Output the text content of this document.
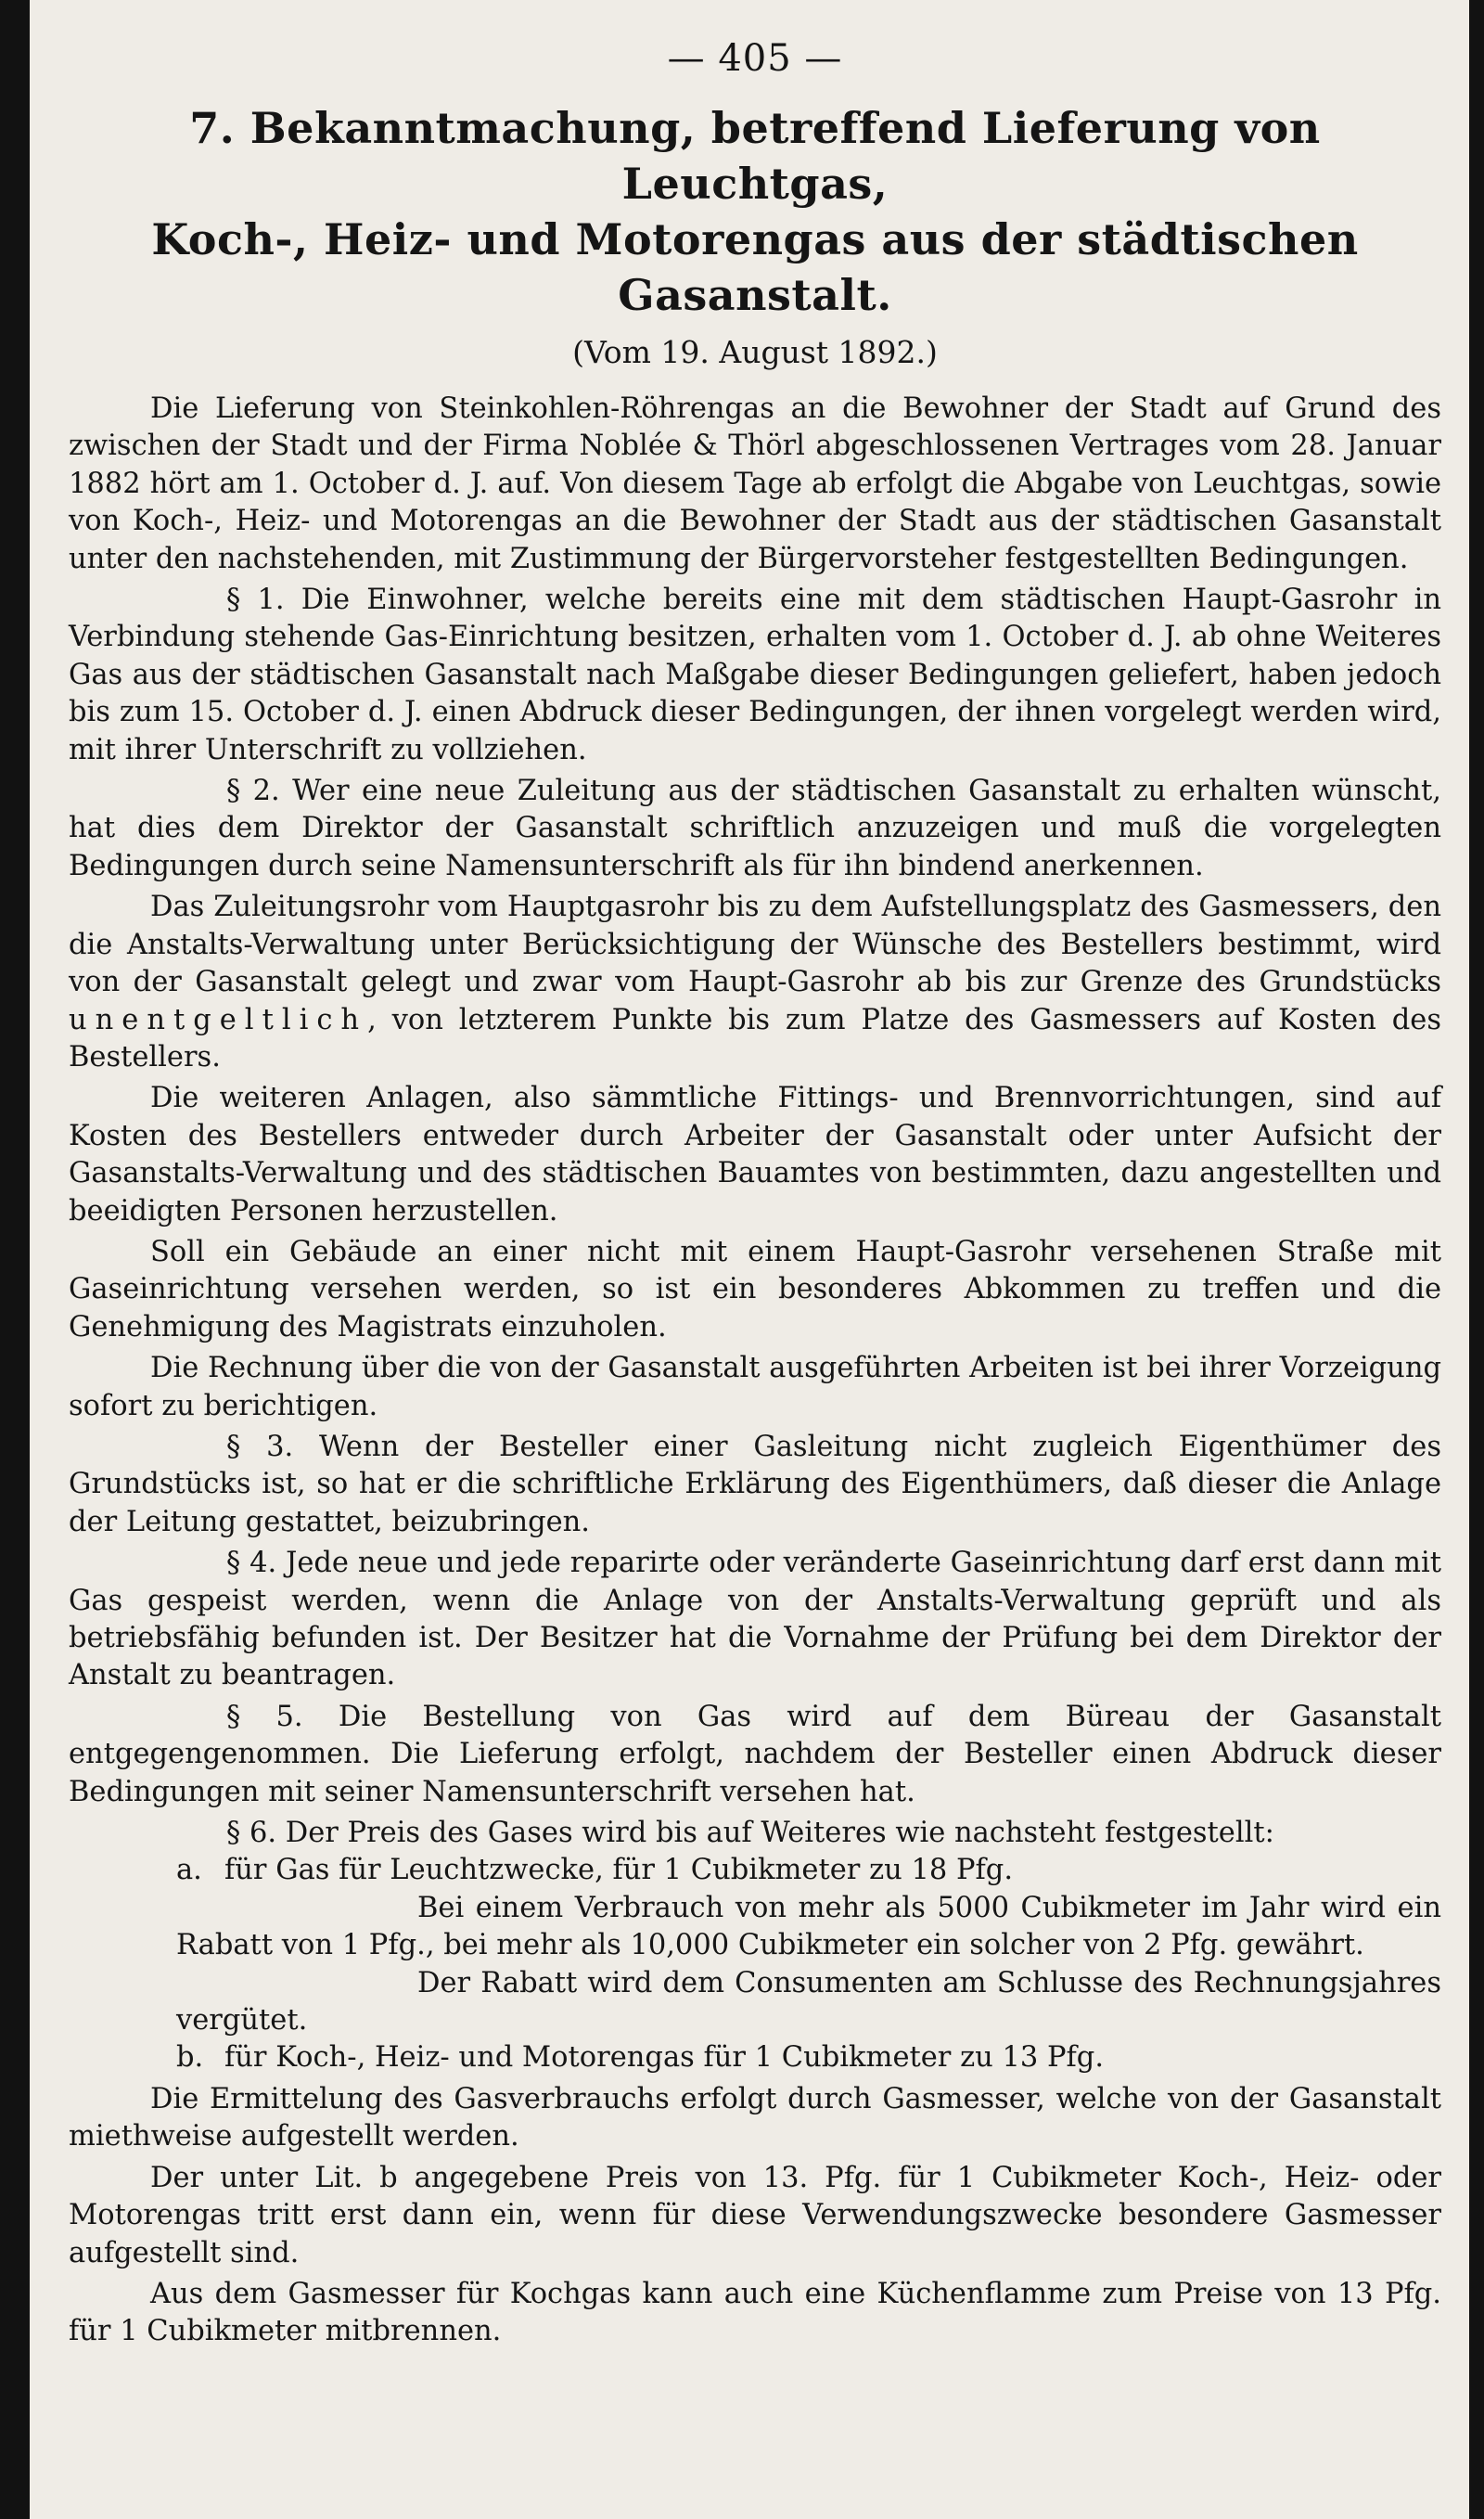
— 405 —
7. Bekanntmachung, betreffend Lieferung von Leuchtgas,
Koch-, Heiz- und Motorengas aus der städtischen Gasanstalt.
(Vom 19. August 1892.)

Die Lieferung von Steinkohlen-Röhrengas an die Bewohner der Stadt auf Grund des zwischen der Stadt und der Firma Noblée & Thörl abgeschlossenen Vertrages vom 28. Januar 1882 hört am 1. October d. J. auf. Von diesem Tage ab erfolgt die Abgabe von Leuchtgas, sowie von Koch-, Heiz- und Motorengas an die Bewohner der Stadt aus der städtischen Gasanstalt unter den nachstehenden, mit Zustimmung der Bürgervorsteher festgestellten Bedingungen.

§ 1. Die Einwohner, welche bereits eine mit dem städtischen Haupt-Gasrohr in Verbindung stehende Gas-Einrichtung besitzen, erhalten vom 1. October d. J. ab ohne Weiteres Gas aus der städtischen Gasanstalt nach Maßgabe dieser Bedingungen geliefert, haben jedoch bis zum 15. October d. J. einen Abdruck dieser Bedingungen, der ihnen vorgelegt werden wird, mit ihrer Unterschrift zu vollziehen.

§ 2. Wer eine neue Zuleitung aus der städtischen Gasanstalt zu erhalten wünscht, hat dies dem Direktor der Gasanstalt schriftlich anzuzeigen und muß die vorgelegten Bedingungen durch seine Namensunterschrift als für ihn bindend anerkennen.

Das Zuleitungsrohr vom Hauptgasrohr bis zu dem Aufstellungsplatz des Gasmessers, den die Anstalts-Verwaltung unter Berücksichtigung der Wünsche des Bestellers bestimmt, wird von der Gasanstalt gelegt und zwar vom Haupt-Gasrohr ab bis zur Grenze des Grundstücks unentgeltlich, von letzterem Punkte bis zum Platze des Gasmessers auf Kosten des Bestellers.

Die weiteren Anlagen, also sämmtliche Fittings- und Brennvorrichtungen, sind auf Kosten des Bestellers entweder durch Arbeiter der Gasanstalt oder unter Aufsicht der Gasanstalts-Verwaltung und des städtischen Bauamtes von bestimmten, dazu angestellten und beeidigten Personen herzustellen.

Soll ein Gebäude an einer nicht mit einem Haupt-Gasrohr versehenen Straße mit Gaseinrichtung versehen werden, so ist ein besonderes Abkommen zu treffen und die Genehmigung des Magistrats einzuholen.

Die Rechnung über die von der Gasanstalt ausgeführten Arbeiten ist bei ihrer Vorzeigung sofort zu berichtigen.

§ 3. Wenn der Besteller einer Gasleitung nicht zugleich Eigenthümer des Grundstücks ist, so hat er die schriftliche Erklärung des Eigenthümers, daß dieser die Anlage der Leitung gestattet, beizubringen.

§ 4. Jede neue und jede reparirte oder veränderte Gaseinrichtung darf erst dann mit Gas gespeist werden, wenn die Anlage von der Anstalts-Verwaltung geprüft und als betriebsfähig befunden ist. Der Besitzer hat die Vornahme der Prüfung bei dem Direktor der Anstalt zu beantragen.

§ 5. Die Bestellung von Gas wird auf dem Büreau der Gasanstalt entgegengenommen. Die Lieferung erfolgt, nachdem der Besteller einen Abdruck dieser Bedingungen mit seiner Namensunterschrift versehen hat.

§ 6. Der Preis des Gases wird bis auf Weiteres wie nachsteht festgestellt:
a. für Gas für Leuchtzwecke, für 1 Cubikmeter zu 18 Pfg.
Bei einem Verbrauch von mehr als 5000 Cubikmeter im Jahr wird ein Rabatt von 1 Pfg., bei mehr als 10,000 Cubikmeter ein solcher von 2 Pfg. gewährt.
Der Rabatt wird dem Consumenten am Schlusse des Rechnungsjahres vergütet.
b. für Koch-, Heiz- und Motorengas für 1 Cubikmeter zu 13 Pfg.

Die Ermittelung des Gasverbrauchs erfolgt durch Gasmesser, welche von der Gasanstalt miethweise aufgestellt werden.

Der unter Lit. b angegebene Preis von 13. Pfg. für 1 Cubikmeter Koch-, Heiz- oder Motorengas tritt erst dann ein, wenn für diese Verwendungszwecke besondere Gasmesser aufgestellt sind.

Aus dem Gasmesser für Kochgas kann auch eine Küchenflamme zum Preise von 13 Pfg. für 1 Cubikmeter mitbrennen.
